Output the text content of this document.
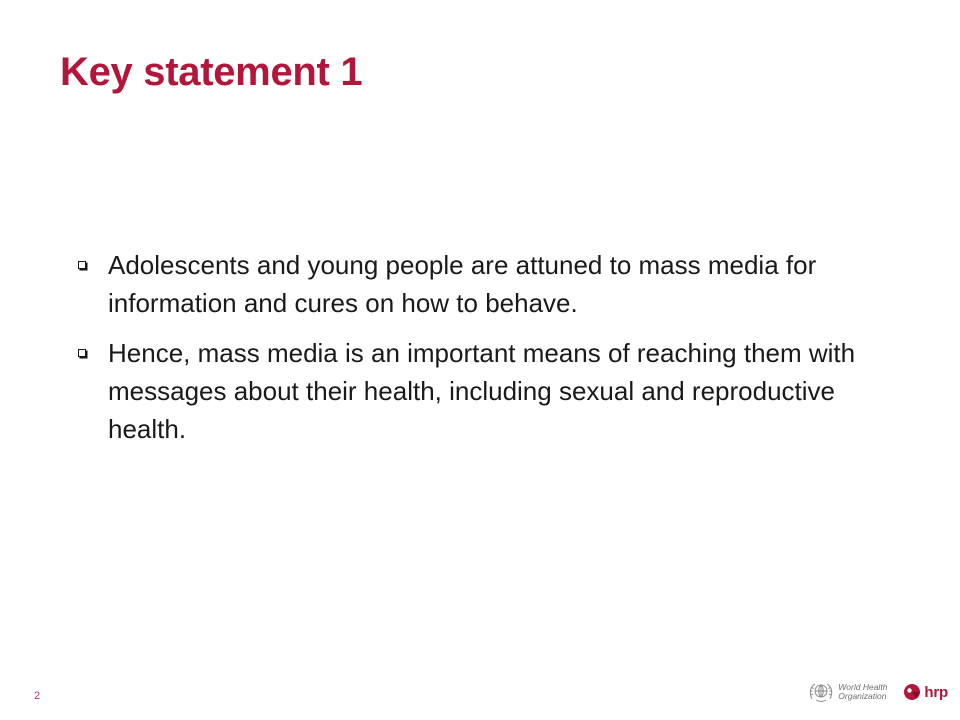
Key statement 1
Adolescents and young people are attuned to mass media for information and cures on how to behave.
Hence, mass media is an important means of reaching them with messages about their health, including sexual and reproductive health.
2
World Health
Organization	hrp
